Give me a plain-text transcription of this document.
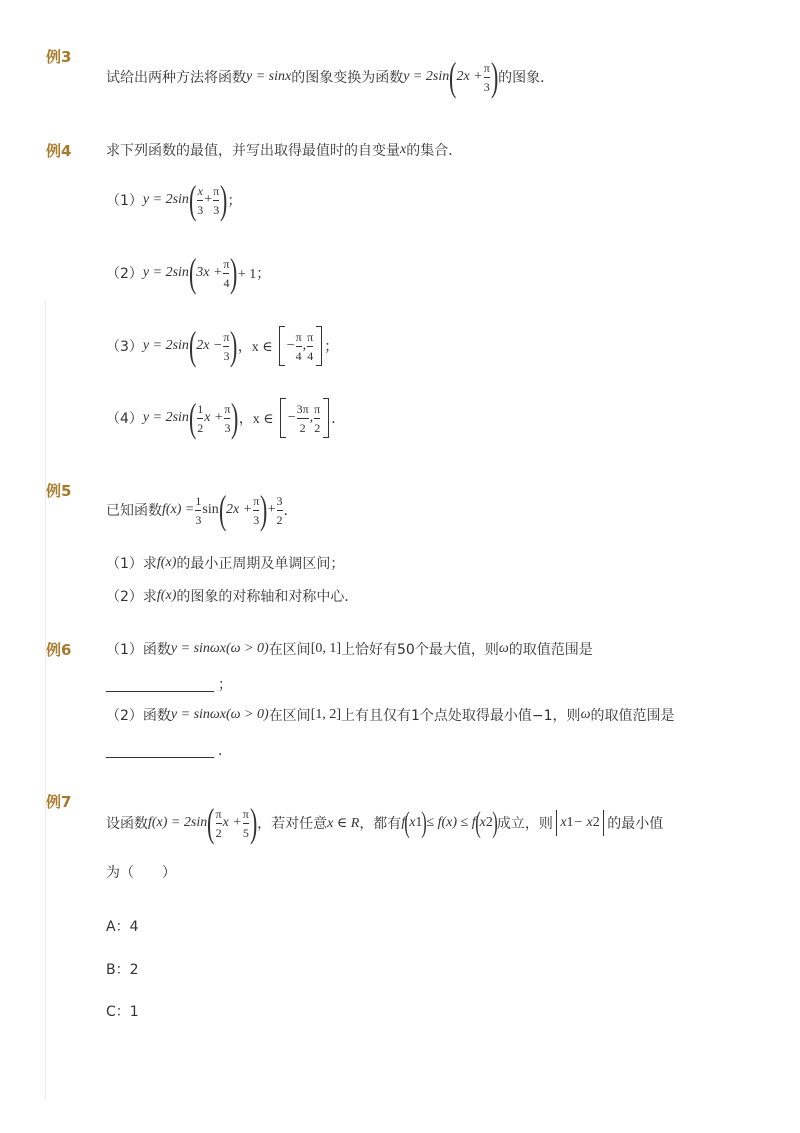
例3
试给出两种方法将函数 y = sin x 的图象变换为函数 y = 2sin ( $2x + \frac{\pi}{3}$ ) 的图象．
例4 求下列函数的最值，并写出取得最值时的自变量 x 的集合．
（1） y = 2sin ( $\frac{x}{3} + \frac{\pi}{3}$ ) ；
（2） y = 2sin ( $3x + \frac{\pi}{4}$ ) + 1；
（3） y = 2sin ( $2x - \frac{\pi}{3}$ ) ，x ∈ − $\frac{\pi}{4}$ , $\frac{\pi}{4}$ ；
（4） y = 2sin ( $\frac{1}{2}$ $x + \frac{\pi}{3}$ ) ，x ∈ − $\frac{3\pi}{2}$ , $\frac{\pi}{2}$ ．
例5
已知函数 $f(x) = \frac{1}{3}$ sin ( $2x + \frac{\pi}{3}$ ) + $\frac{3}{2}$ ．
（1）求 f(x) 的最小正周期及单调区间；
（2）求 f(x) 的图象的对称轴和对称中心．
例6 （1）函数 y = sinωx(ω > 0) 在区间 [0, 1] 上恰好有50个最大值，则 ω 的取值范围是
；
（2）函数 y = sinωx(ω > 0) 在区间 [1, 2] 上有且仅有1个点处取得最小值−1，则 ω 的取值范围是
．
例7
设函数 f(x) = 2sin ( $\frac{\pi}{2}$ $x + \frac{\pi}{5}$ ) ，若对任意 x ∈ R ，都有 f ( x 1 ) ≤ f(x) ≤ f ( x 2 ) 成立，则 x 1 − x 2 的最小值
为（　　）
A：4
B：2
C：1
